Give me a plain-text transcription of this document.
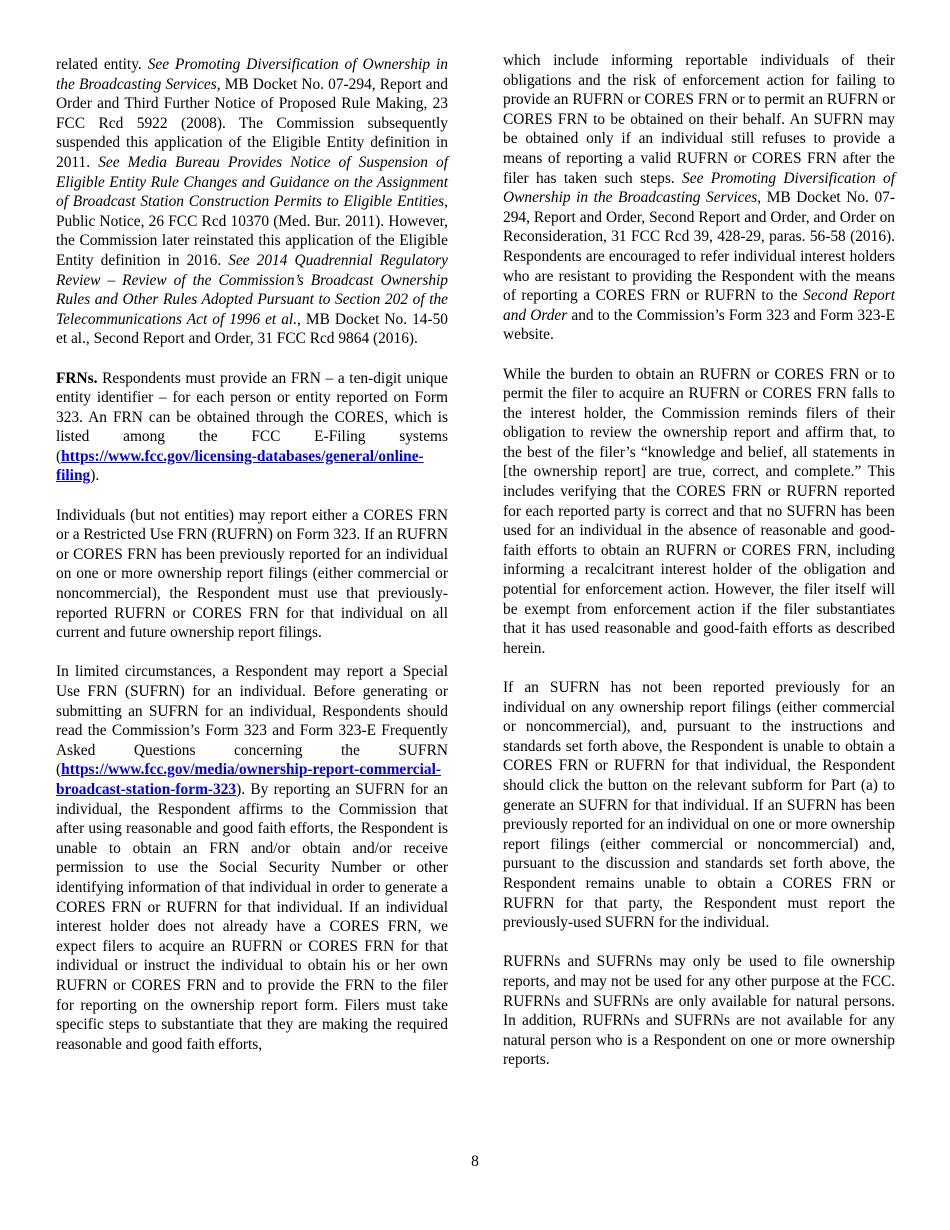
related entity. See Promoting Diversification of Ownership in the Broadcasting Services, MB Docket No. 07-294, Report and Order and Third Further Notice of Proposed Rule Making, 23 FCC Rcd 5922 (2008). The Commission subsequently suspended this application of the Eligible Entity definition in 2011. See Media Bureau Provides Notice of Suspension of Eligible Entity Rule Changes and Guidance on the Assignment of Broadcast Station Construction Permits to Eligible Entities, Public Notice, 26 FCC Rcd 10370 (Med. Bur. 2011). However, the Commission later reinstated this application of the Eligible Entity definition in 2016. See 2014 Quadrennial Regulatory Review – Review of the Commission’s Broadcast Ownership Rules and Other Rules Adopted Pursuant to Section 202 of the Telecommunications Act of 1996 et al., MB Docket No. 14-50 et al., Second Report and Order, 31 FCC Rcd 9864 (2016).

FRNs. Respondents must provide an FRN – a ten-digit unique entity identifier – for each person or entity reported on Form 323. An FRN can be obtained through the CORES, which is listed among the FCC E-Filing systems (https://www.fcc.gov/licensing-databases/general/online-filing).

Individuals (but not entities) may report either a CORES FRN or a Restricted Use FRN (RUFRN) on Form 323. If an RUFRN or CORES FRN has been previously reported for an individual on one or more ownership report filings (either commercial or noncommercial), the Respondent must use that previously-reported RUFRN or CORES FRN for that individual on all current and future ownership report filings.

In limited circumstances, a Respondent may report a Special Use FRN (SUFRN) for an individual. Before generating or submitting an SUFRN for an individual, Respondents should read the Commission’s Form 323 and Form 323-E Frequently Asked Questions concerning the SUFRN (https://www.fcc.gov/media/ownership-report-commercial-broadcast-station-form-323). By reporting an SUFRN for an individual, the Respondent affirms to the Commission that after using reasonable and good faith efforts, the Respondent is unable to obtain an FRN and/or obtain and/or receive permission to use the Social Security Number or other identifying information of that individual in order to generate a CORES FRN or RUFRN for that individual. If an individual interest holder does not already have a CORES FRN, we expect filers to acquire an RUFRN or CORES FRN for that individual or instruct the individual to obtain his or her own RUFRN or CORES FRN and to provide the FRN to the filer for reporting on the ownership report form. Filers must take specific steps to substantiate that they are making the required reasonable and good faith efforts,

which include informing reportable individuals of their obligations and the risk of enforcement action for failing to provide an RUFRN or CORES FRN or to permit an RUFRN or CORES FRN to be obtained on their behalf. An SUFRN may be obtained only if an individual still refuses to provide a means of reporting a valid RUFRN or CORES FRN after the filer has taken such steps. See Promoting Diversification of Ownership in the Broadcasting Services, MB Docket No. 07-294, Report and Order, Second Report and Order, and Order on Reconsideration, 31 FCC Rcd 39, 428-29, paras. 56-58 (2016). Respondents are encouraged to refer individual interest holders who are resistant to providing the Respondent with the means of reporting a CORES FRN or RUFRN to the Second Report and Order and to the Commission’s Form 323 and Form 323-E website.

While the burden to obtain an RUFRN or CORES FRN or to permit the filer to acquire an RUFRN or CORES FRN falls to the interest holder, the Commission reminds filers of their obligation to review the ownership report and affirm that, to the best of the filer’s “knowledge and belief, all statements in [the ownership report] are true, correct, and complete.” This includes verifying that the CORES FRN or RUFRN reported for each reported party is correct and that no SUFRN has been used for an individual in the absence of reasonable and good-faith efforts to obtain an RUFRN or CORES FRN, including informing a recalcitrant interest holder of the obligation and potential for enforcement action. However, the filer itself will be exempt from enforcement action if the filer substantiates that it has used reasonable and good-faith efforts as described herein.

If an SUFRN has not been reported previously for an individual on any ownership report filings (either commercial or noncommercial), and, pursuant to the instructions and standards set forth above, the Respondent is unable to obtain a CORES FRN or RUFRN for that individual, the Respondent should click the button on the relevant subform for Part (a) to generate an SUFRN for that individual. If an SUFRN has been previously reported for an individual on one or more ownership report filings (either commercial or noncommercial) and, pursuant to the discussion and standards set forth above, the Respondent remains unable to obtain a CORES FRN or RUFRN for that party, the Respondent must report the previously-used SUFRN for the individual.

RUFRNs and SUFRNs may only be used to file ownership reports, and may not be used for any other purpose at the FCC. RUFRNs and SUFRNs are only available for natural persons. In addition, RUFRNs and SUFRNs are not available for any natural person who is a Respondent on one or more ownership reports.

8
